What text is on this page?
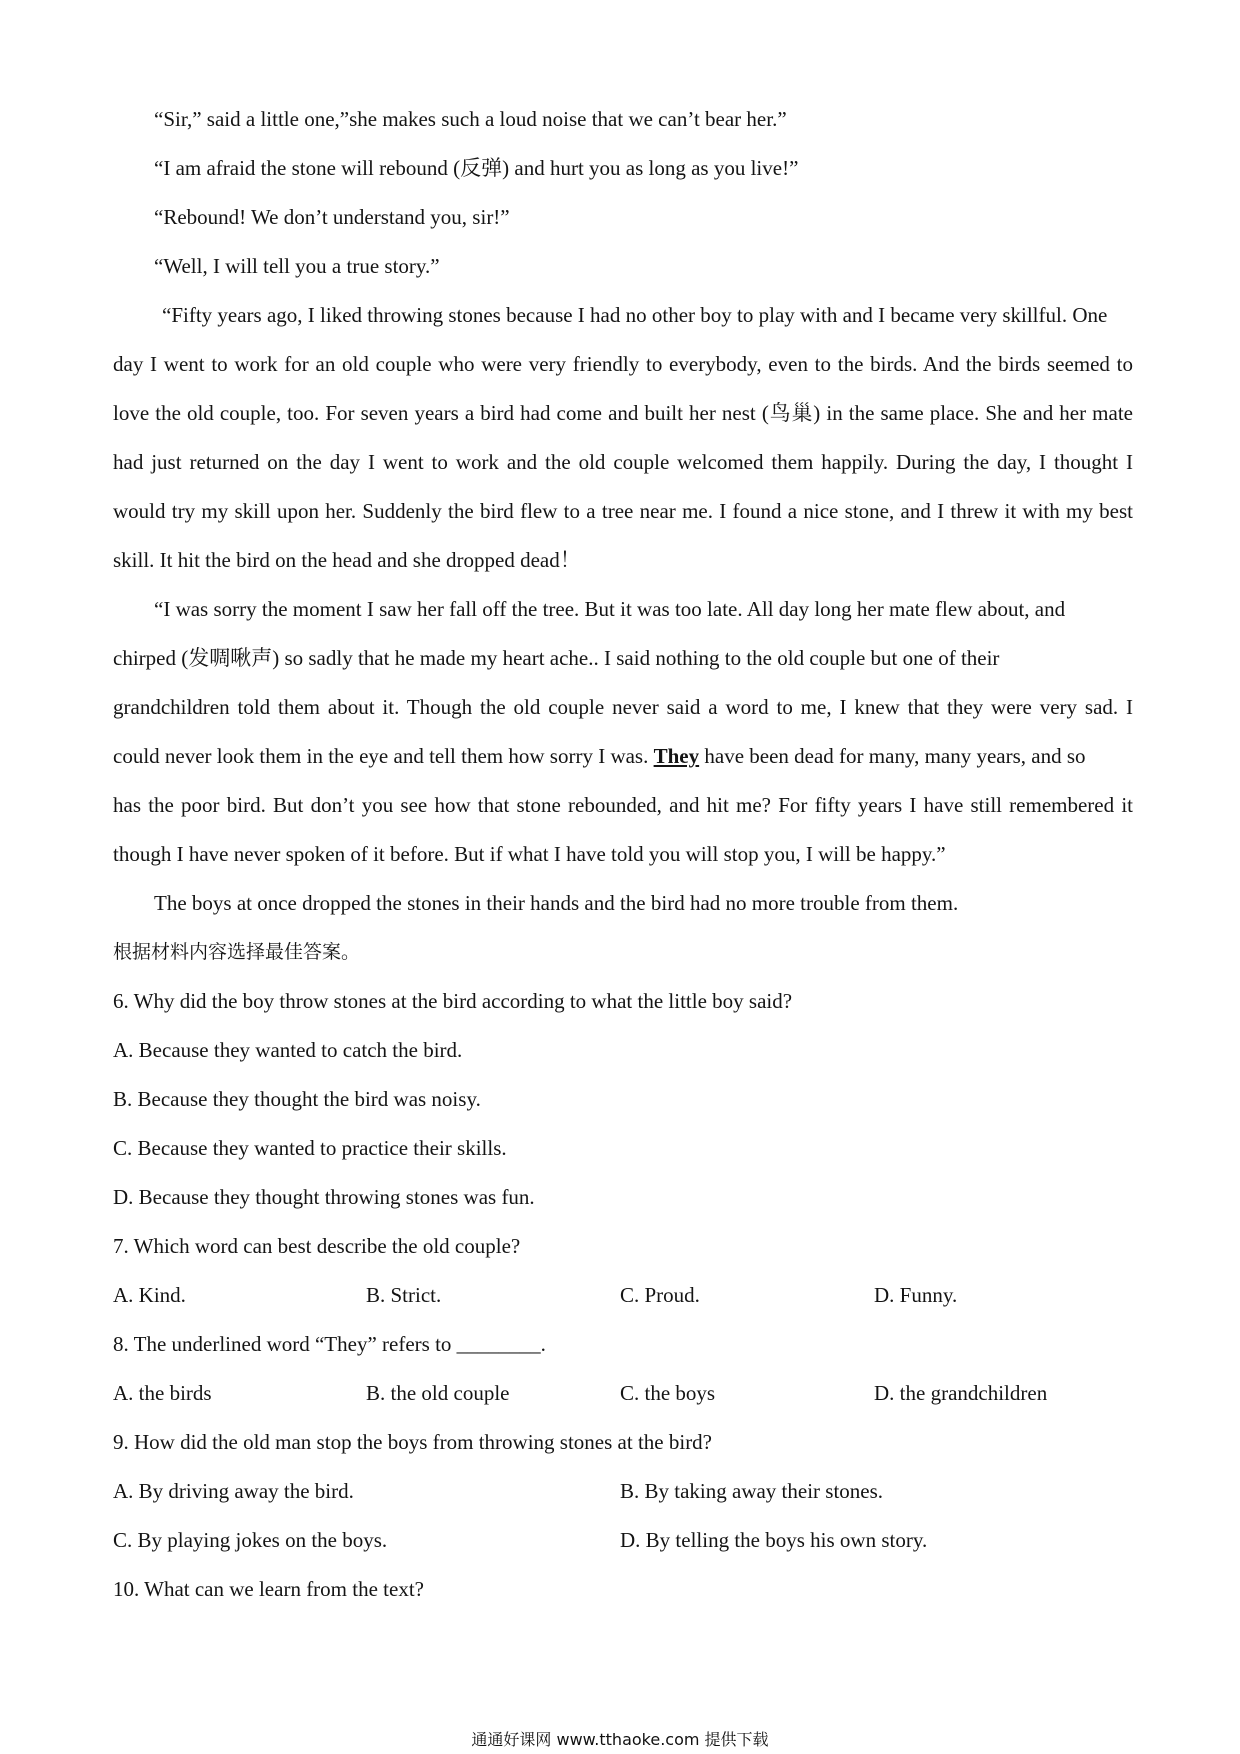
“Sir,” said a little one,”she makes such a loud noise that we can’t bear her.”
“I am afraid the stone will rebound (反弹) and hurt you as long as you live!”
“Rebound! We don’t understand you, sir!”
“Well, I will tell you a true story.”
“Fifty years ago, I liked throwing stones because I had no other boy to play with and I became very skillful. One
day I went to work for an old couple who were very friendly to everybody, even to the birds. And the birds seemed to
love the old couple, too. For seven years a bird had come and built her nest (鸟巢) in the same place. She and her mate
had just returned on the day I went to work and the old couple welcomed them happily. During the day, I thought I
would try my skill upon her. Suddenly the bird flew to a tree near me. I found a nice stone, and I threw it with my best
skill. It hit the bird on the head and she dropped dead！
“I was sorry the moment I saw her fall off the tree. But it was too late. All day long her mate flew about, and
chirped (发啁啾声) so sadly that he made my heart ache.. I said nothing to the old couple but one of their
grandchildren told them about it. Though the old couple never said a word to me, I knew that they were very sad. I
could never look them in the eye and tell them how sorry I was. They have been dead for many, many years, and so
has the poor bird. But don’t you see how that stone rebounded, and hit me? For fifty years I have still remembered it
though I have never spoken of it before. But if what I have told you will stop you, I will be happy.”
The boys at once dropped the stones in their hands and the bird had no more trouble from them.
根据材料内容选择最佳答案。
6. Why did the boy throw stones at the bird according to what the little boy said?
A. Because they wanted to catch the bird.
B. Because they thought the bird was noisy.
C. Because they wanted to practice their skills.
D. Because they thought throwing stones was fun.
7. Which word can best describe the old couple?
A. Kind.	B. Strict.	C. Proud.	D. Funny.
8. The underlined word “They” refers to ________.
A. the birds	B. the old couple	C. the boys	D. the grandchildren
9. How did the old man stop the boys from throwing stones at the bird?
A. By driving away the bird.	B. By taking away their stones.
C. By playing jokes on the boys.	D. By telling the boys his own story.
10. What can we learn from the text?
通通好课网 www.tthaoke.com 提供下载
